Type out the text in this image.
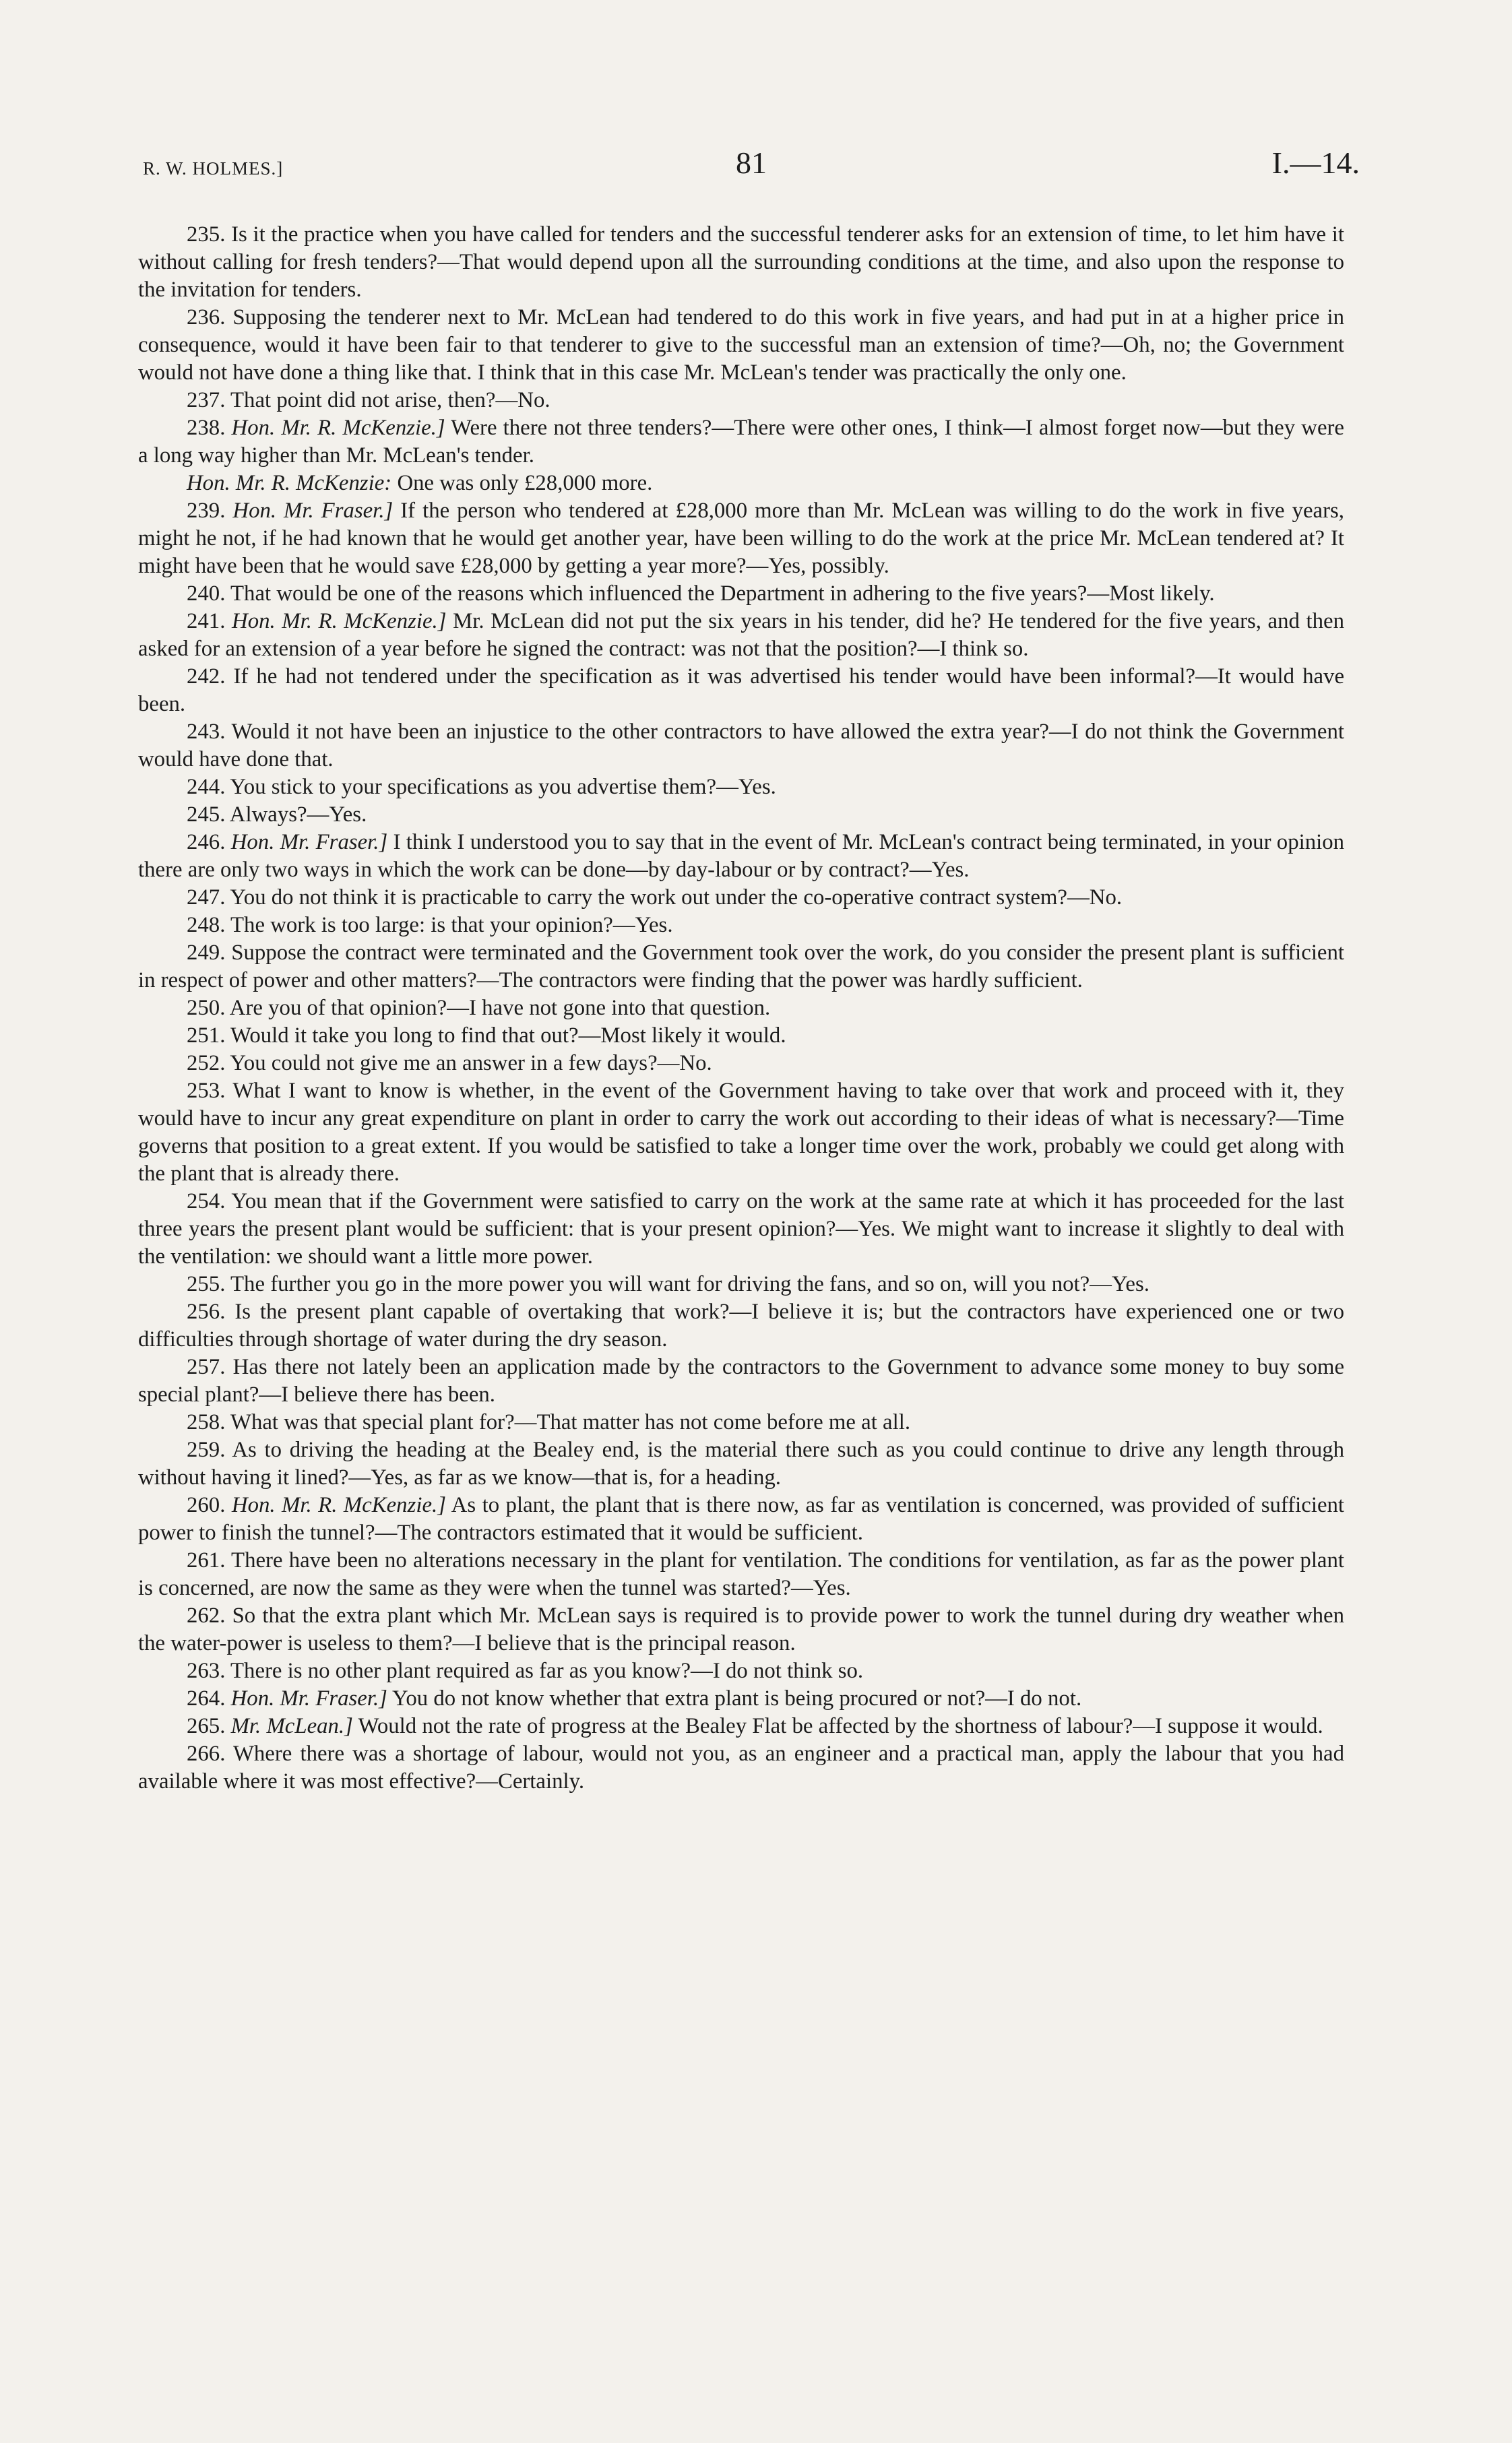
R. W. HOLMES.]	81	I.—14.

235. Is it the practice when you have called for tenders and the successful tenderer asks for an extension of time, to let him have it without calling for fresh tenders?—That would depend upon all the surrounding conditions at the time, and also upon the response to the invitation for tenders.

236. Supposing the tenderer next to Mr. McLean had tendered to do this work in five years, and had put in at a higher price in consequence, would it have been fair to that tenderer to give to the successful man an extension of time?—Oh, no; the Government would not have done a thing like that. I think that in this case Mr. McLean's tender was practically the only one.

237. That point did not arise, then?—No.

238. Hon. Mr. R. McKenzie.] Were there not three tenders?—There were other ones, I think—I almost forget now—but they were a long way higher than Mr. McLean's tender.

Hon. Mr. R. McKenzie: One was only £28,000 more.

239. Hon. Mr. Fraser.] If the person who tendered at £28,000 more than Mr. McLean was willing to do the work in five years, might he not, if he had known that he would get another year, have been willing to do the work at the price Mr. McLean tendered at? It might have been that he would save £28,000 by getting a year more?—Yes, possibly.

240. That would be one of the reasons which influenced the Department in adhering to the five years?—Most likely.

241. Hon. Mr. R. McKenzie.] Mr. McLean did not put the six years in his tender, did he? He tendered for the five years, and then asked for an extension of a year before he signed the contract: was not that the position?—I think so.

242. If he had not tendered under the specification as it was advertised his tender would have been informal?—It would have been.

243. Would it not have been an injustice to the other contractors to have allowed the extra year?—I do not think the Government would have done that.

244. You stick to your specifications as you advertise them?—Yes.

245. Always?—Yes.

246. Hon. Mr. Fraser.] I think I understood you to say that in the event of Mr. McLean's contract being terminated, in your opinion there are only two ways in which the work can be done—by day-labour or by contract?—Yes.

247. You do not think it is practicable to carry the work out under the co-operative contract system?—No.

248. The work is too large: is that your opinion?—Yes.

249. Suppose the contract were terminated and the Government took over the work, do you consider the present plant is sufficient in respect of power and other matters?—The contractors were finding that the power was hardly sufficient.

250. Are you of that opinion?—I have not gone into that question.

251. Would it take you long to find that out?—Most likely it would.

252. You could not give me an answer in a few days?—No.

253. What I want to know is whether, in the event of the Government having to take over that work and proceed with it, they would have to incur any great expenditure on plant in order to carry the work out according to their ideas of what is necessary?—Time governs that position to a great extent. If you would be satisfied to take a longer time over the work, probably we could get along with the plant that is already there.

254. You mean that if the Government were satisfied to carry on the work at the same rate at which it has proceeded for the last three years the present plant would be sufficient: that is your present opinion?—Yes. We might want to increase it slightly to deal with the ventilation: we should want a little more power.

255. The further you go in the more power you will want for driving the fans, and so on, will you not?—Yes.

256. Is the present plant capable of overtaking that work?—I believe it is; but the contractors have experienced one or two difficulties through shortage of water during the dry season.

257. Has there not lately been an application made by the contractors to the Government to advance some money to buy some special plant?—I believe there has been.

258. What was that special plant for?—That matter has not come before me at all.

259. As to driving the heading at the Bealey end, is the material there such as you could continue to drive any length through without having it lined?—Yes, as far as we know—that is, for a heading.

260. Hon. Mr. R. McKenzie.] As to plant, the plant that is there now, as far as ventilation is concerned, was provided of sufficient power to finish the tunnel?—The contractors estimated that it would be sufficient.

261. There have been no alterations necessary in the plant for ventilation. The conditions for ventilation, as far as the power plant is concerned, are now the same as they were when the tunnel was started?—Yes.

262. So that the extra plant which Mr. McLean says is required is to provide power to work the tunnel during dry weather when the water-power is useless to them?—I believe that is the principal reason.

263. There is no other plant required as far as you know?—I do not think so.

264. Hon. Mr. Fraser.] You do not know whether that extra plant is being procured or not?—I do not.

265. Mr. McLean.] Would not the rate of progress at the Bealey Flat be affected by the shortness of labour?—I suppose it would.

266. Where there was a shortage of labour, would not you, as an engineer and a practical man, apply the labour that you had available where it was most effective?—Certainly.
